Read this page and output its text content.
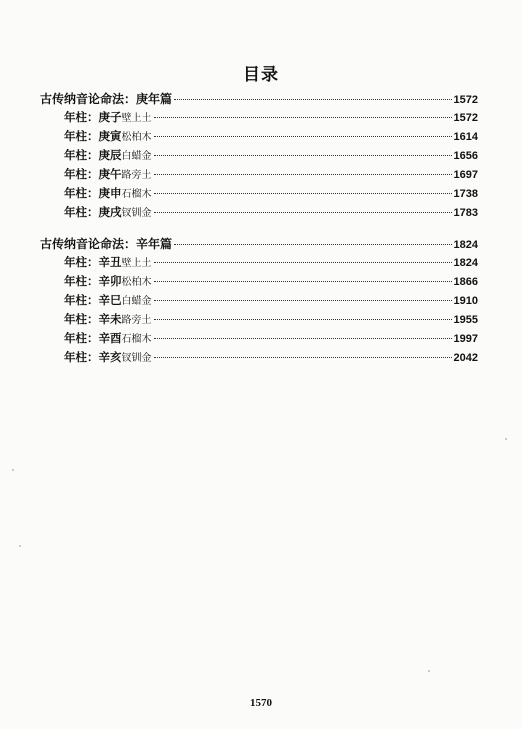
目录
古传纳音论命法：庚年篇	1572
年柱： 庚子 壁上土	1572
年柱： 庚寅 松柏木	1614
年柱： 庚辰 白蜡金	1656
年柱： 庚午 路旁土	1697
年柱： 庚申 石榴木	1738
年柱： 庚戌 钗钏金	1783
古传纳音论命法：辛年篇	1824
年柱： 辛丑 壁上土	1824
年柱： 辛卯 松柏木	1866
年柱： 辛巳 白蜡金	1910
年柱： 辛未 路旁土	1955
年柱： 辛酉 石榴木	1997
年柱： 辛亥 钗钏金	2042
1570
